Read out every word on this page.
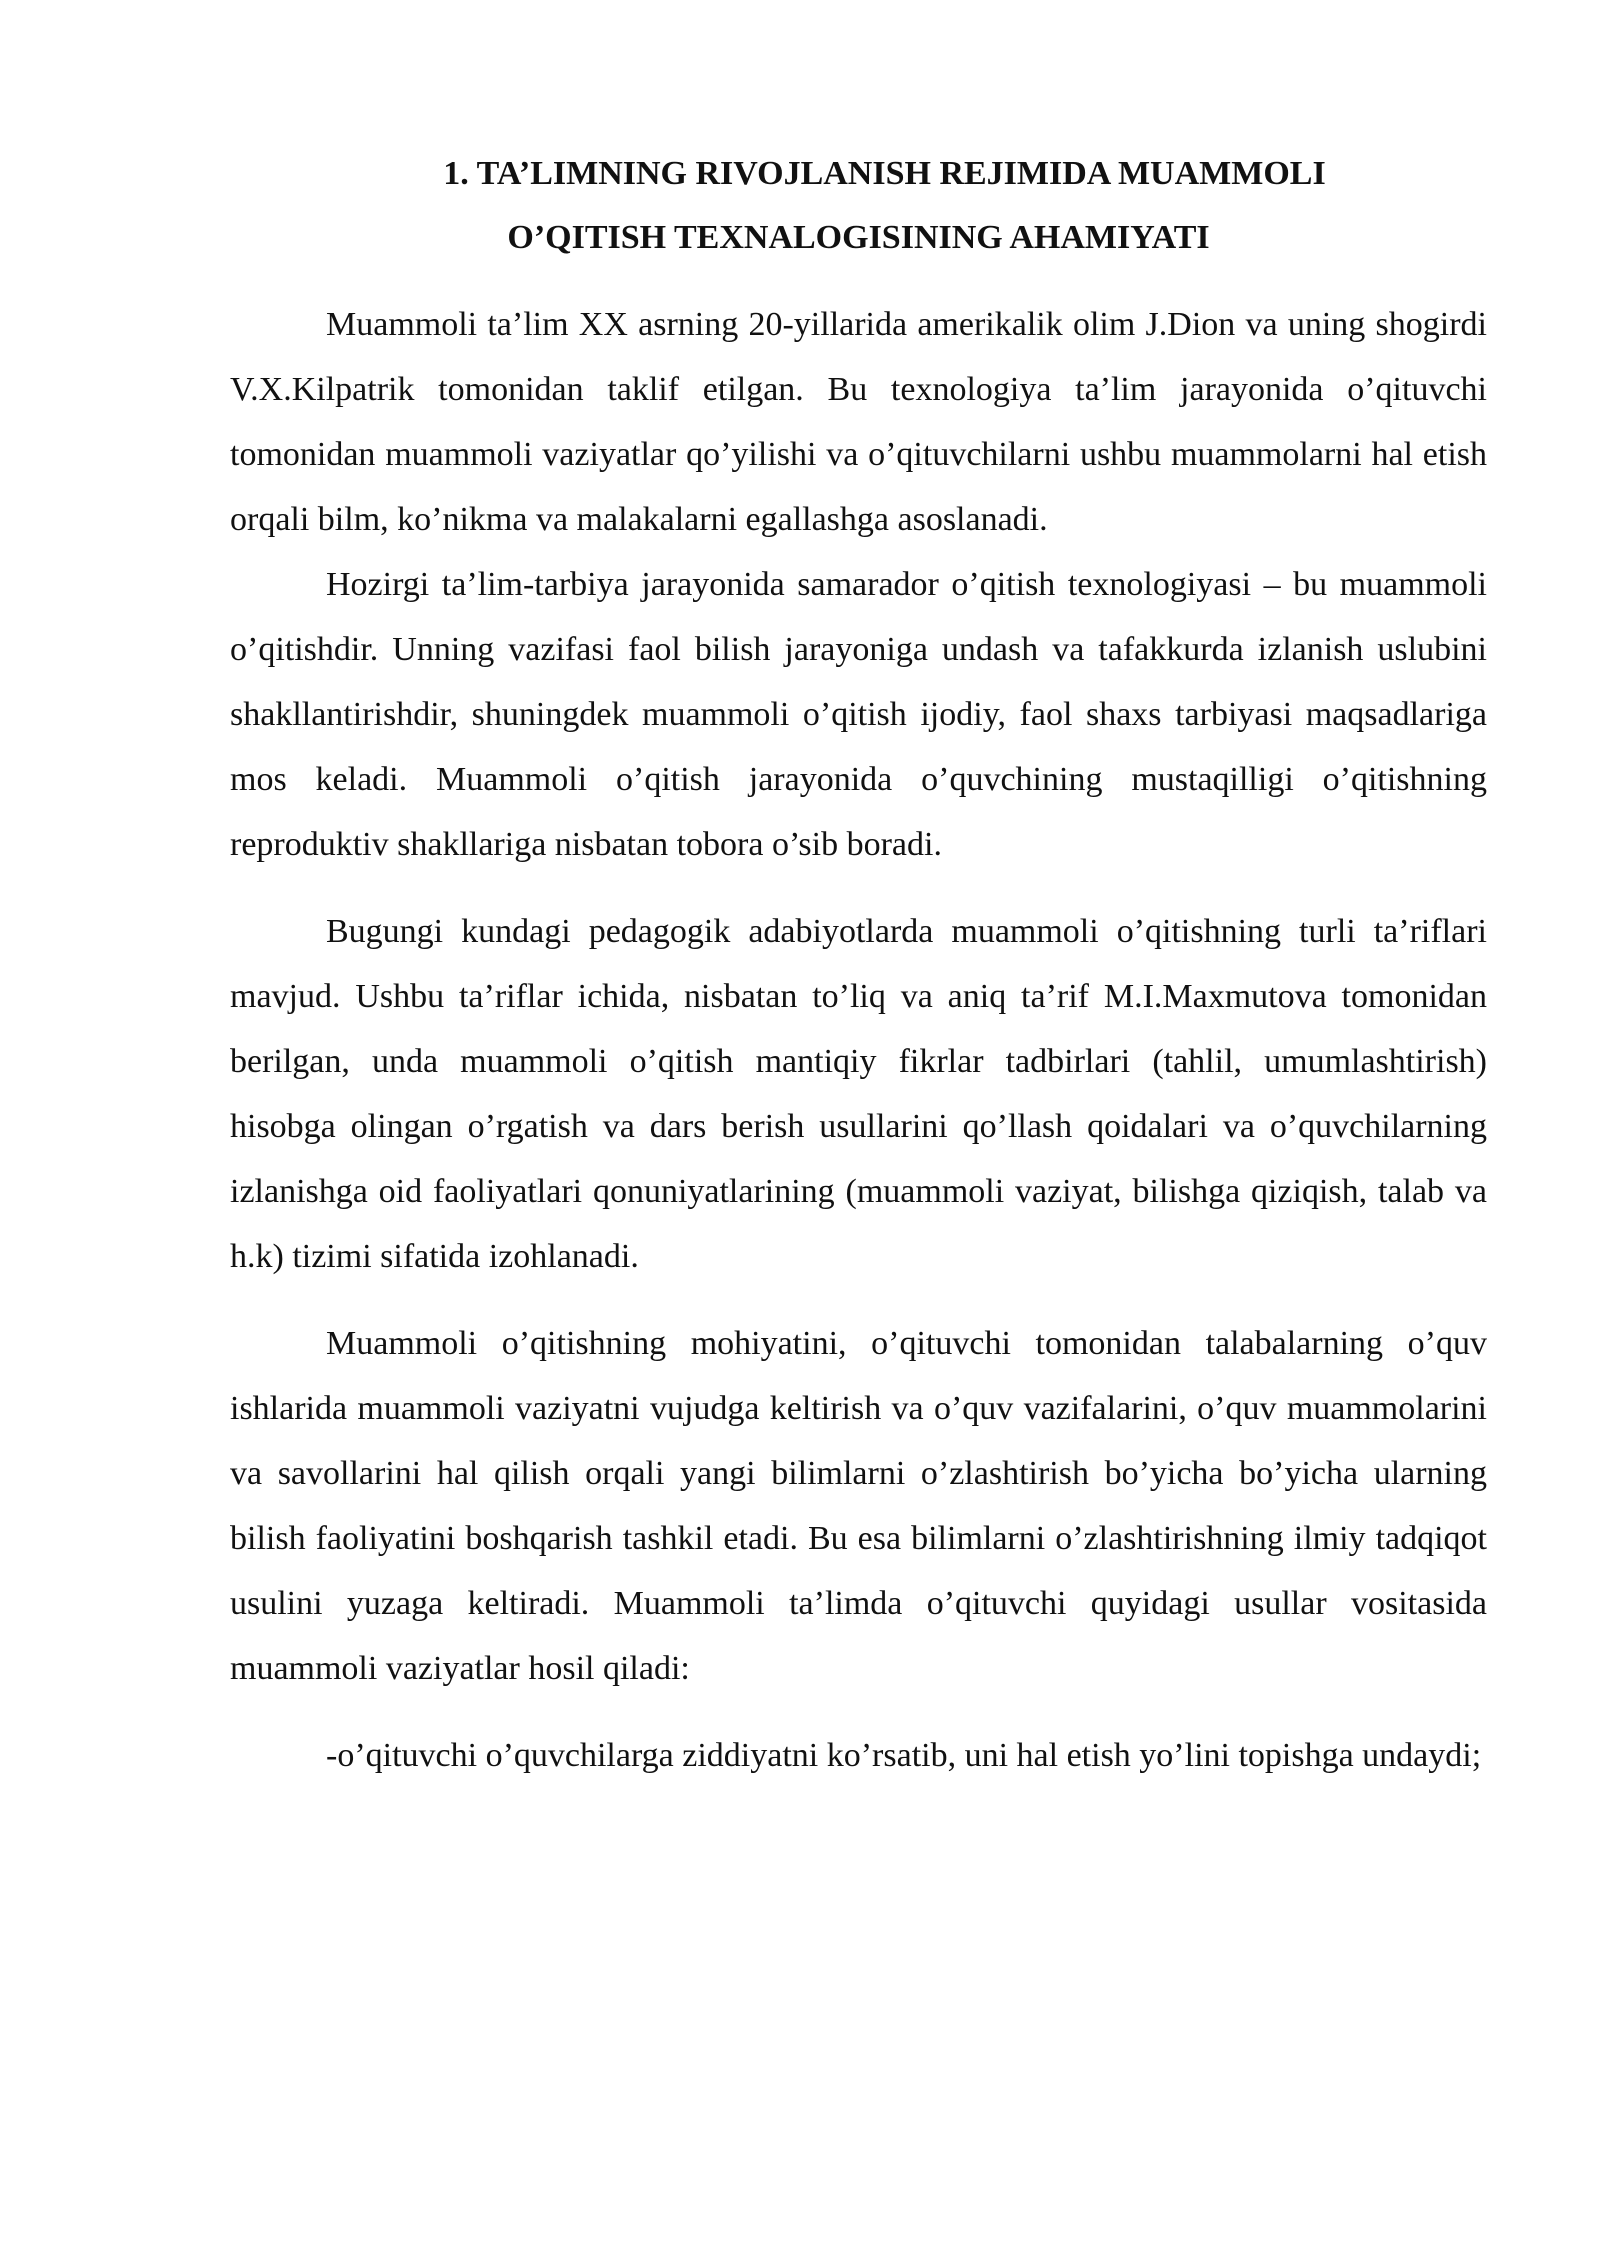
1. TA’LIMNING RIVOJLANISH REJIMIDA MUAMMOLI
O’QITISH TEXNALOGISINING AHAMIYATI

Muammoli ta’lim XX asrning 20-yillarida amerikalik olim J.Dion va uning shogirdi V.X.Kilpatrik tomonidan taklif etilgan. Bu texnologiya ta’lim jarayonida o’qituvchi tomonidan muammoli vaziyatlar qo’yilishi va o’qituvchilarni ushbu muammolarni hal etish orqali bilm, ko’nikma va malakalarni egallashga asoslanadi.

Hozirgi ta’lim-tarbiya jarayonida samarador o’qitish texnologiyasi – bu muammoli o’qitishdir. Unning vazifasi faol bilish jarayoniga undash va tafakkurda izlanish uslubini shakllantirishdir, shuningdek muammoli o’qitish ijodiy, faol shaxs tarbiyasi maqsadlariga mos keladi. Muammoli o’qitish jarayonida o’quvchining mustaqilligi o’qitishning reproduktiv shakllariga nisbatan tobora o’sib boradi.

Bugungi kundagi pedagogik adabiyotlarda muammoli o’qitishning turli ta’riflari mavjud. Ushbu ta’riflar ichida, nisbatan to’liq va aniq ta’rif M.I.Maxmutova tomonidan berilgan, unda muammoli o’qitish mantiqiy fikrlar tadbirlari (tahlil, umumlashtirish) hisobga olingan o’rgatish va dars berish usullarini qo’llash qoidalari va o’quvchilarning izlanishga oid faoliyatlari qonuniyatlarining (muammoli vaziyat, bilishga qiziqish, talab va h.k) tizimi sifatida izohlanadi.

Muammoli o’qitishning mohiyatini, o’qituvchi tomonidan talabalarning o’quv ishlarida muammoli vaziyatni vujudga keltirish va o’quv vazifalarini, o’quv muammolarini va savollarini hal qilish orqali yangi bilimlarni o’zlashtirish bo’yicha bo’yicha ularning bilish faoliyatini boshqarish tashkil etadi. Bu esa bilimlarni o’zlashtirishning ilmiy tadqiqot usulini yuzaga keltiradi. Muammoli ta’limda o’qituvchi quyidagi usullar vositasida muammoli vaziyatlar hosil qiladi:

-o’qituvchi o’quvchilarga ziddiyatni ko’rsatib, uni hal etish yo’lini topishga undaydi;
